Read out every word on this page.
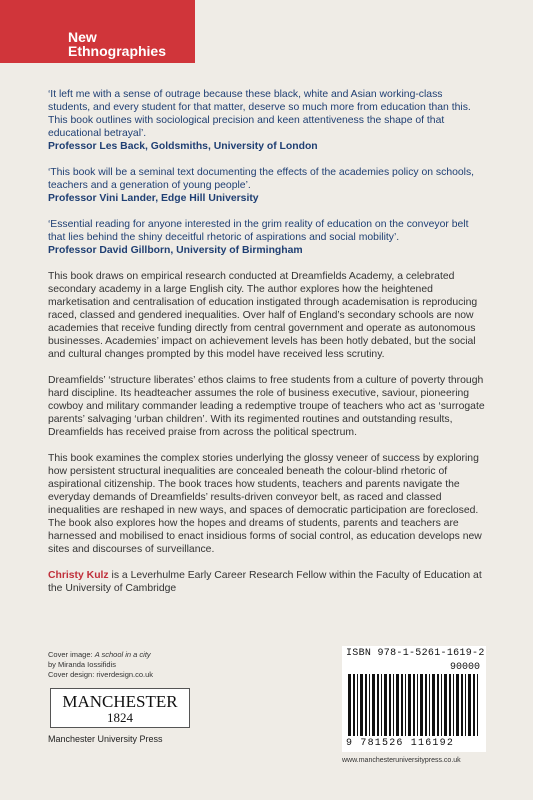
New
Ethnographies

‘It left me with a sense of outrage because these black, white and Asian working-class students, and every student for that matter, deserve so much more from education than this. This book outlines with sociological precision and keen attentiveness the shape of that educational betrayal’.

Professor Les Back, Goldsmiths, University of London

‘This book will be a seminal text documenting the effects of the academies policy on schools, teachers and a generation of young people’.

Professor Vini Lander, Edge Hill University

‘Essential reading for anyone interested in the grim reality of education on the conveyor belt that lies behind the shiny deceitful rhetoric of aspirations and social mobility’.

Professor David Gillborn, University of Birmingham

This book draws on empirical research conducted at Dreamfields Academy, a celebrated secondary academy in a large English city. The author explores how the heightened marketisation and centralisation of education instigated through academisation is reproducing raced, classed and gendered inequalities. Over half of England’s secondary schools are now academies that receive funding directly from central government and operate as autonomous businesses. Academies’ impact on achievement levels has been hotly debated, but the social and cultural changes prompted by this model have received less scrutiny.

Dreamfields’ ‘structure liberates’ ethos claims to free students from a culture of poverty through hard discipline. Its headteacher assumes the role of business executive, saviour, pioneering cowboy and military commander leading a redemptive troupe of teachers who act as ‘surrogate parents’ salvaging ‘urban children’. With its regimented routines and outstanding results, Dreamfields has received praise from across the political spectrum.

This book examines the complex stories underlying the glossy veneer of success by exploring how persistent structural inequalities are concealed beneath the colour-blind rhetoric of aspirational citizenship. The book traces how students, teachers and parents navigate the everyday demands of Dreamfields’ results-driven conveyor belt, as raced and classed inequalities are reshaped in new ways, and spaces of democratic participation are foreclosed. The book also explores how the hopes and dreams of students, parents and teachers are harnessed and mobilised to enact insidious forms of social control, as education develops new sites and discourses of surveillance.

Christy Kulz is a Leverhulme Early Career Research Fellow within the Faculty of Education at the University of Cambridge

Cover image: A school in a city
by Miranda Iossifidis
Cover design: riverdesign.co.uk
MANCHESTER
1824
Manchester University Press
ISBN 978-1-5261-1619-2
90000
9 781526 116192
www.manchesteruniversitypress.co.uk
